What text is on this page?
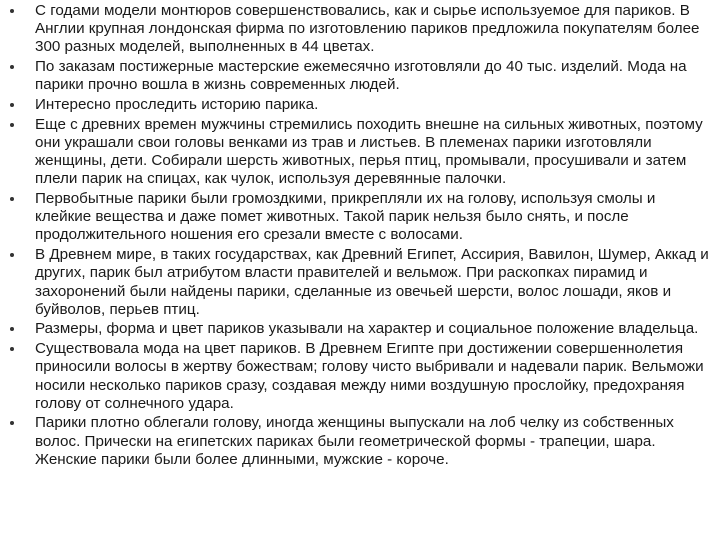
С годами модели монтюров совершенствовались, как и сырье используемое для париков. В Англии крупная лондонская фирма по изготовлению париков предложила покупателям более 300 разных моделей, выполненных в 44 цветах.
По заказам постижерные мастерские ежемесячно изготовляли до 40 тыс. изделий. Мода на парики прочно вошла в жизнь современных людей.
Интересно проследить историю парика.
Еще с древних времен мужчины стремились походить внешне на сильных животных, поэтому они украшали свои головы венками из трав и листьев. В племенах парики изготовляли женщины, дети. Собирали шерсть животных, перья птиц, промывали, просушивали и затем плели парик на спицах, как чулок, используя деревянные палочки.
Первобытные парики были громоздкими, прикрепляли их на голову, используя смолы и клейкие вещества и даже помет животных. Такой парик нельзя было снять, и после продолжительного ношения его срезали вместе с волосами.
В Древнем мире, в таких государствах, как Древний Египет, Ассирия, Вавилон, Шумер, Аккад и других, парик был атрибутом власти правителей и вельмож. При раскопках пирамид и захоронений были найдены парики, сделанные из овечьей шерсти, волос лошади, яков и буйволов, перьев птиц.
Размеры, форма и цвет париков указывали на характер и социальное положение владельца.
Существовала мода на цвет париков. В Древнем Египте при достижении совершеннолетия приносили волосы в жертву божествам; голову чисто выбривали и надевали парик. Вельможи носили несколько париков сразу, создавая между ними воздушную прослойку, предохраняя голову от солнечного удара.
Парики плотно облегали голову, иногда женщины выпускали на лоб челку из собственных волос. Прически на египетских париках были геометрической формы - трапеции, шара. Женские парики были более длинными, мужские - короче.
